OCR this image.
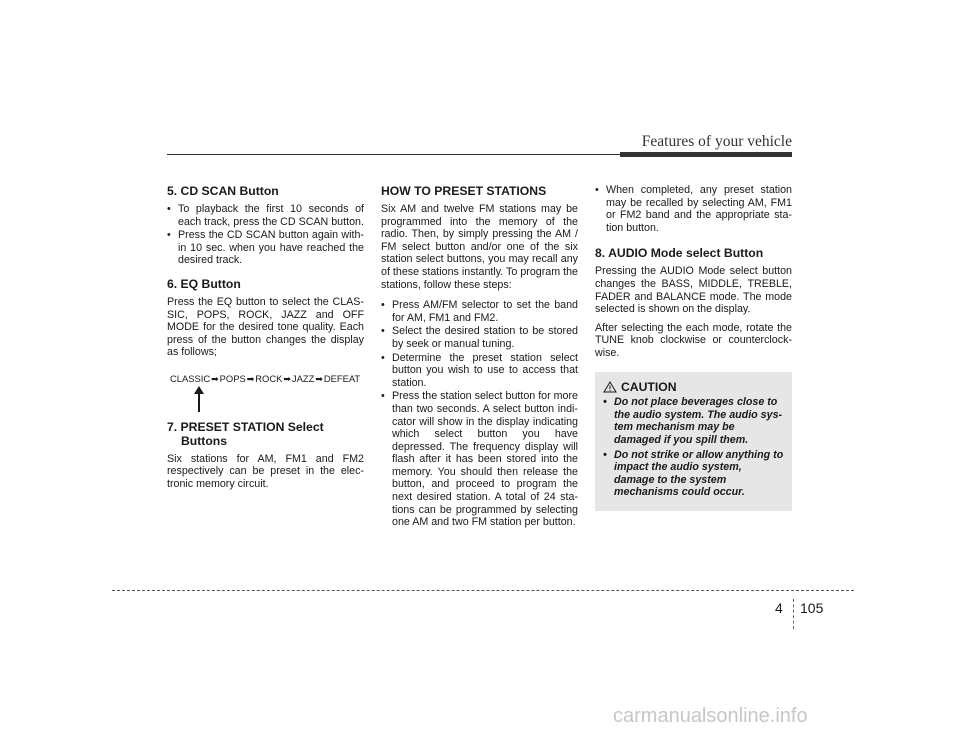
Features of your vehicle
5. CD SCAN Button
• To playback the first 10 seconds of each track, press the CD SCAN button.
• Press the CD SCAN button again with-in 10 sec. when you have reached the desired track.
6. EQ Button

Press the EQ button to select the CLAS-SIC, POPS, ROCK, JAZZ and OFF MODE for the desired tone quality. Each press of the button changes the display as follows;

CLASSIC ➡ POPS ➡ ROCK ➡ JAZZ ➡ DEFEAT
7. PRESET STATION Select
Buttons

Six stations for AM, FM1 and FM2 respectively can be preset in the elec-tronic memory circuit.

HOW TO PRESET STATIONS

Six AM and twelve FM stations may be programmed into the memory of the radio. Then, by simply pressing the AM / FM select button and/or one of the six station select buttons, you may recall any of these stations instantly. To program the stations, follow these steps:

• Press AM/FM selector to set the band for AM, FM1 and FM2.
• Select the desired station to be stored by seek or manual tuning.
• Determine the preset station select button you wish to use to access that station.
• Press the station select button for more than two seconds. A select button indi-cator will show in the display indicating which select button you have depressed. The frequency display will flash after it has been stored into the memory. You should then release the button, and proceed to program the next desired station. A total of 24 sta-tions can be programmed by selecting one AM and two FM station per button.
• When completed, any preset station may be recalled by selecting AM, FM1 or FM2 band and the appropriate sta-tion button.
8. AUDIO Mode select Button

Pressing the AUDIO Mode select button changes the BASS, MIDDLE, TREBLE, FADER and BALANCE mode. The mode selected is shown on the display.

After selecting the each mode, rotate the TUNE knob clockwise or counterclock-wise.

CAUTION
• Do not place beverages close to the audio system. The audio sys-tem mechanism may be damaged if you spill them.
• Do not strike or allow anything to impact the audio system, damage to the system mechanisms could occur.
4 105
carmanualsonline.info
